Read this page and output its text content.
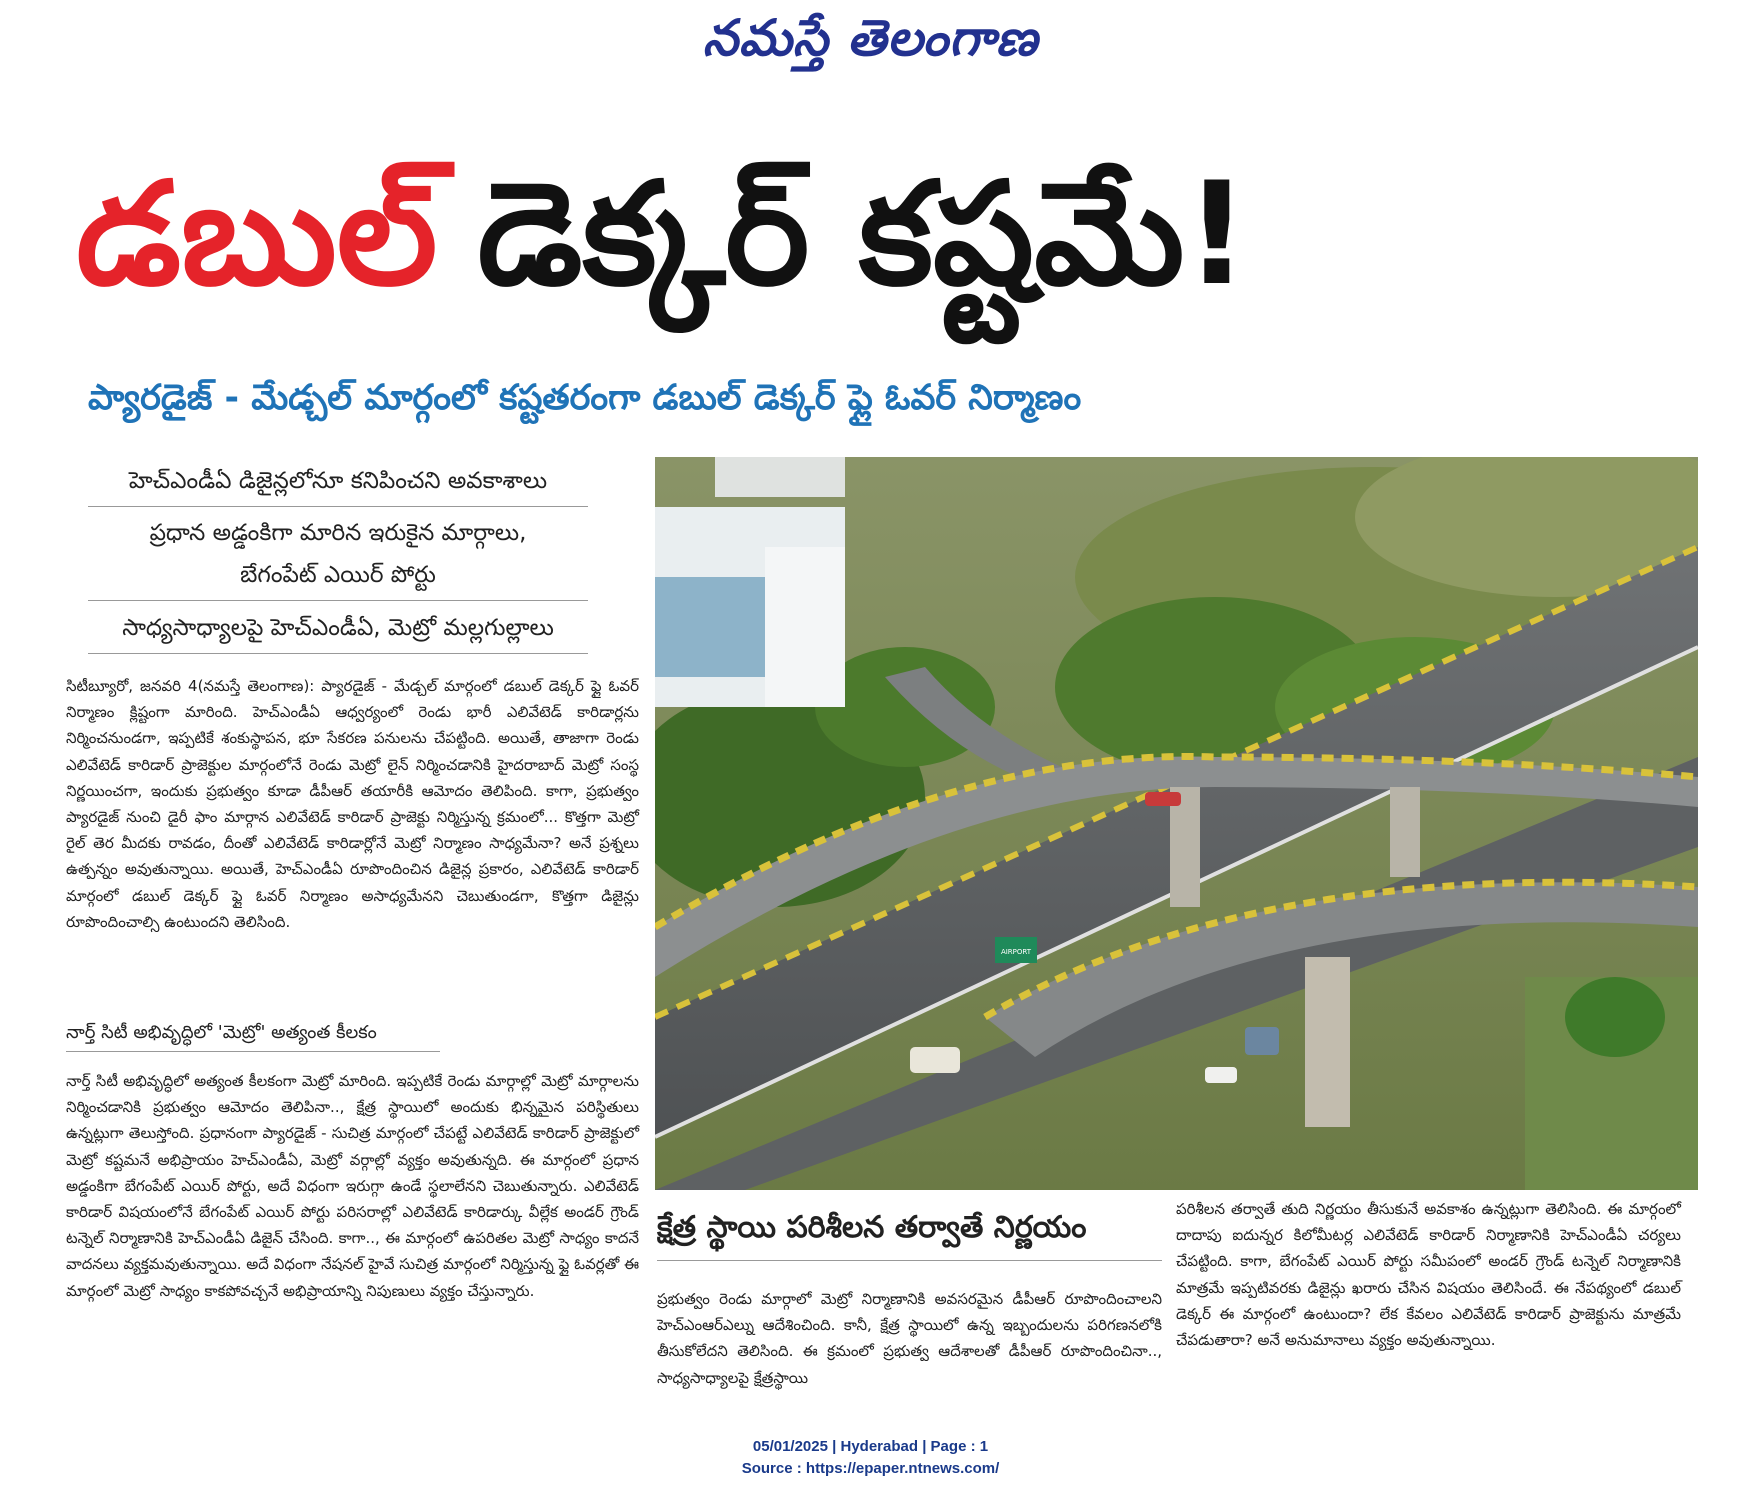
నమస్తే తెలంగాణ
డబుల్ డెక్కర్ కష్టమే!
ప్యారడైజ్ - మేడ్చల్ మార్గంలో కష్టతరంగా డబుల్ డెక్కర్ ఫ్లై ఓవర్ నిర్మాణం
హెచ్ఎండీఏ డిజైన్లలోనూ కనిపించని అవకాశాలు
ప్రధాన అడ్డంకిగా మారిన ఇరుకైన మార్గాలు,
బేగంపేట్ ఎయిర్ పోర్టు
సాధ్యసాధ్యాలపై హెచ్ఎండీఏ, మెట్రో మల్లగుల్లాలు
సిటీబ్యూరో, జనవరి 4(నమస్తే తెలంగాణ): ప్యారడైజ్ - మేడ్చల్ మార్గంలో డబుల్ డెక్కర్ ఫ్లై ఓవర్ నిర్మాణం క్లిష్టంగా మారింది. హెచ్ఎండీఏ ఆధ్వర్యంలో రెండు భారీ ఎలివేటెడ్ కారిడార్లను నిర్మించనుండగా, ఇప్పటికే శంకుస్థాపన, భూ సేకరణ పనులను చేపట్టింది. అయితే, తాజాగా రెండు ఎలివేటెడ్ కారిడార్ ప్రాజెక్టుల మార్గంలోనే రెండు మెట్రో లైన్ నిర్మించడానికి హైదరాబాద్ మెట్రో సంస్థ నిర్ణయించగా, ఇందుకు ప్రభుత్వం కూడా డీపీఆర్ తయారీకి ఆమోదం తెలిపింది. కాగా, ప్రభుత్వం ప్యారడైజ్ నుంచి డైరీ ఫాం మార్గాన ఎలివేటెడ్ కారిడార్ ప్రాజెక్టు నిర్మిస్తున్న క్రమంలో... కొత్తగా మెట్రో రైల్ తెర మీదకు రావడం, దీంతో ఎలివేటెడ్ కారిడార్లోనే మెట్రో నిర్మాణం సాధ్యమేనా? అనే ప్రశ్నలు ఉత్పన్నం అవుతున్నాయి. అయితే, హెచ్ఎండీఏ రూపొందించిన డిజైన్ల ప్రకారం, ఎలివేటెడ్ కారిడార్ మార్గంలో డబుల్ డెక్కర్ ఫ్లై ఓవర్ నిర్మాణం అసాధ్యమేనని చెబుతుండగా, కొత్తగా డిజైన్లు రూపొందించాల్సి ఉంటుందని తెలిసింది.
నార్త్ సిటీ అభివృద్ధిలో 'మెట్రో' అత్యంత కీలకం
నార్త్ సిటీ అభివృద్ధిలో అత్యంత కీలకంగా మెట్రో మారింది. ఇప్పటికే రెండు మార్గాల్లో మెట్రో మార్గాలను నిర్మించడానికి ప్రభుత్వం ఆమోదం తెలిపినా.., క్షేత్ర స్థాయిలో అందుకు భిన్నమైన పరిస్థితులు ఉన్నట్లుగా తెలుస్తోంది. ప్రధానంగా ప్యారడైజ్ - సుచిత్ర మార్గంలో చేపట్టే ఎలివేటెడ్ కారిడార్ ప్రాజెక్టులో మెట్రో కష్టమనే అభిప్రాయం హెచ్ఎండీఏ, మెట్రో వర్గాల్లో వ్యక్తం అవుతున్నది. ఈ మార్గంలో ప్రధాన అడ్డంకిగా బేగంపేట్ ఎయిర్ పోర్టు, అదే విధంగా ఇరుగ్గా ఉండే స్థలాలేనని చెబుతున్నారు. ఎలివేటెడ్ కారిడార్ విషయంలోనే బేగంపేట్ ఎయిర్ పోర్టు పరిసరాల్లో ఎలివేటెడ్ కారిడార్కు వీల్లేక అండర్ గ్రౌండ్ టన్నెల్ నిర్మాణానికి హెచ్ఎండీఏ డిజైన్ చేసింది. కాగా.., ఈ మార్గంలో ఉపరితల మెట్రో సాధ్యం కాదనే వాదనలు వ్యక్తమవుతున్నాయి. అదే విధంగా నేషనల్ హైవే సుచిత్ర మార్గంలో నిర్మిస్తున్న ఫ్లై ఓవర్లతో ఈ మార్గంలో మెట్రో సాధ్యం కాకపోవచ్చనే అభిప్రాయాన్ని నిపుణులు వ్యక్తం చేస్తున్నారు.
AIRPORT
క్షేత్ర స్థాయి పరిశీలన తర్వాతే నిర్ణయం
ప్రభుత్వం రెండు మార్గాలో మెట్రో నిర్మాణానికి అవసరమైన డీపీఆర్ రూపొందించాలని హెచ్ఎంఆర్ఎల్ను ఆదేశించింది. కానీ, క్షేత్ర స్థాయిలో ఉన్న ఇబ్బందులను పరిగణనలోకి తీసుకోలేదని తెలిసింది. ఈ క్రమంలో ప్రభుత్వ ఆదేశాలతో డీపీఆర్ రూపొందించినా.., సాధ్యసాధ్యాలపై క్షేత్రస్థాయి
పరిశీలన తర్వాతే తుది నిర్ణయం తీసుకునే అవకాశం ఉన్నట్లుగా తెలిసింది. ఈ మార్గంలో దాదాపు ఐదున్నర కిలోమీటర్ల ఎలివేటెడ్ కారిడార్ నిర్మాణానికి హెచ్ఎండీఏ చర్యలు చేపట్టింది. కాగా, బేగంపేట్ ఎయిర్ పోర్టు సమీపంలో అండర్ గ్రౌండ్ టన్నెల్ నిర్మాణానికి మాత్రమే ఇప్పటివరకు డిజైన్లు ఖరారు చేసిన విషయం తెలిసిందే. ఈ నేపథ్యంలో డబుల్ డెక్కర్ ఈ మార్గంలో ఉంటుందా? లేక కేవలం ఎలివేటెడ్ కారిడార్ ప్రాజెక్టును మాత్రమే చేపడుతారా? అనే అనుమానాలు వ్యక్తం అవుతున్నాయి.
05/01/2025 | Hyderabad | Page : 1
Source : https://epaper.ntnews.com/
